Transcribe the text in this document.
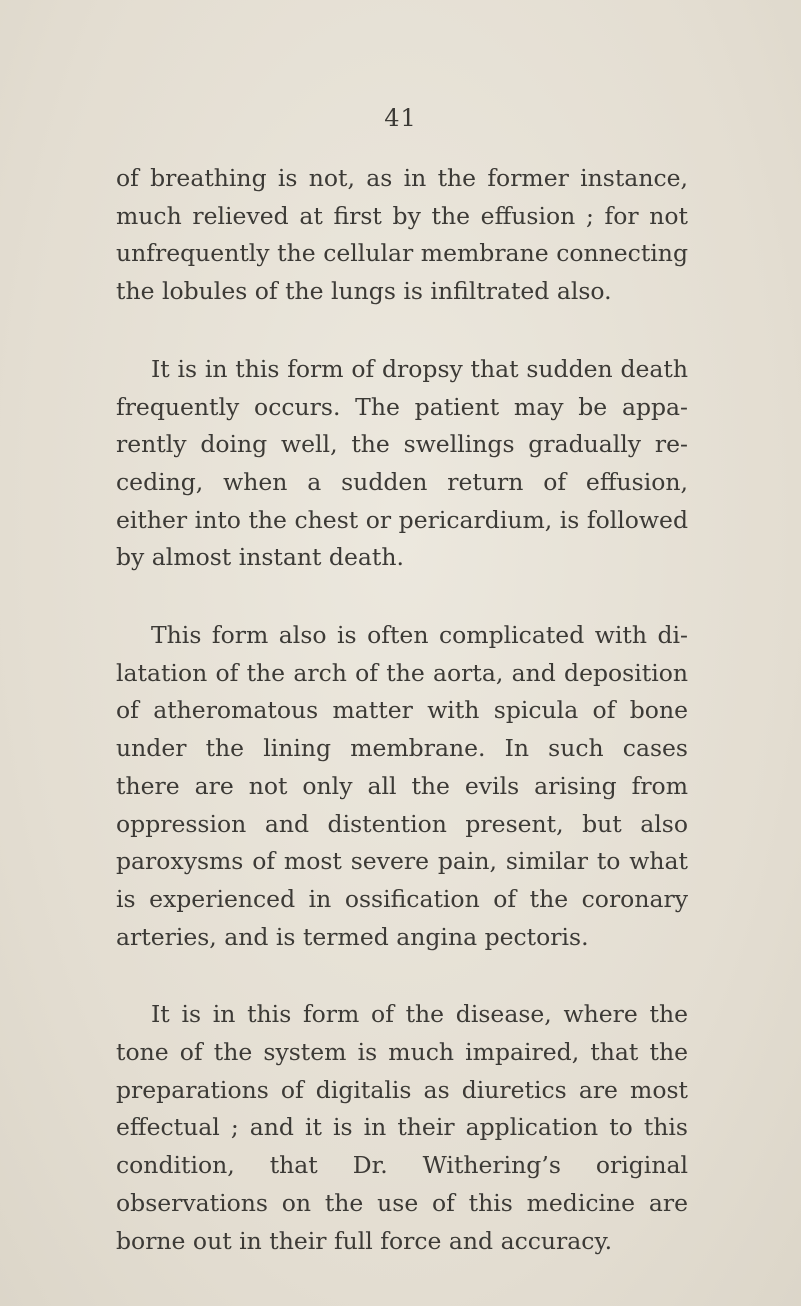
41

of breathing is not, as in the former instance, much relieved at first by the effusion ; for not unfrequently the cellular membrane connecting the lobules of the lungs is infiltrated also.

It is in this form of dropsy that sudden death frequently occurs. The patient may be apparently doing well, the swellings gradually receding, when a sudden return of effusion, either into the chest or pericardium, is followed by almost instant death.

This form also is often complicated with dilatation of the arch of the aorta, and deposition of atheromatous matter with spicula of bone under the lining membrane. In such cases there are not only all the evils arising from oppression and distention present, but also paroxysms of most severe pain, similar to what is experienced in ossification of the coronary arteries, and is termed angina pectoris.

It is in this form of the disease, where the tone of the system is much impaired, that the preparations of digitalis as diuretics are most effectual ; and it is in their application to this condition, that Dr. Withering’s original observations on the use of this medicine are borne out in their full force and accuracy.
